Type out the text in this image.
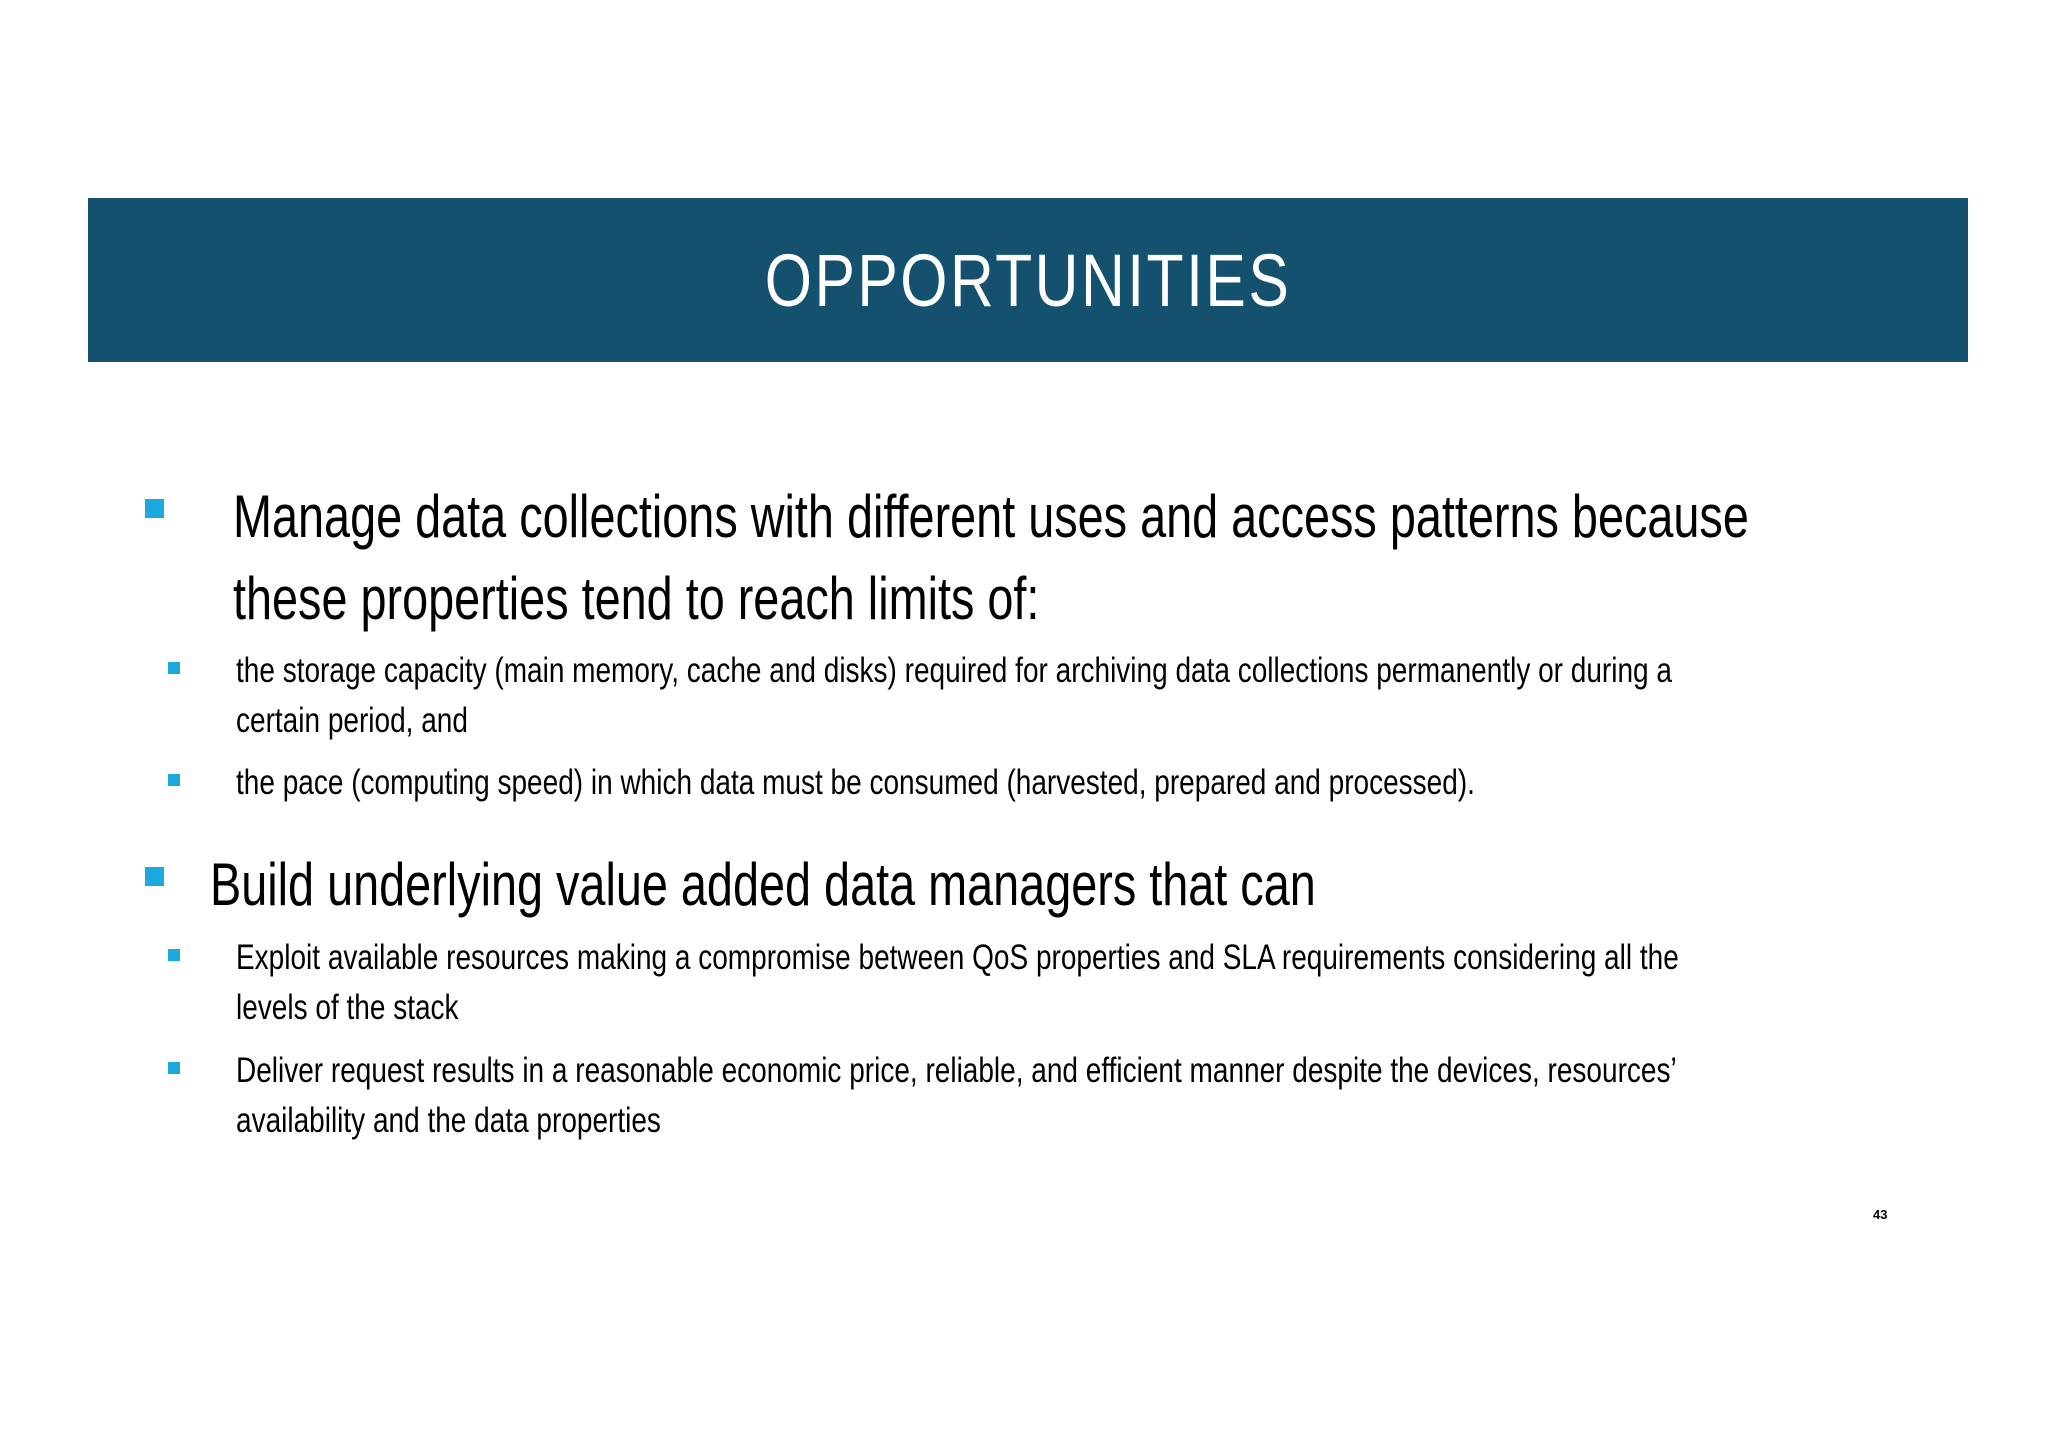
OPPORTUNITIES
Manage data collections with different uses and access patterns because
these properties tend to reach limits of:
the storage capacity (main memory, cache and disks) required for archiving data collections permanently or during a
certain period, and
the pace (computing speed) in which data must be consumed (harvested, prepared and processed).
Build underlying value added data managers that can
Exploit available resources making a compromise between QoS properties and SLA requirements considering all the
levels of the stack
Deliver request results in a reasonable economic price, reliable, and efficient manner despite the devices, resources’
availability and the data properties
43
